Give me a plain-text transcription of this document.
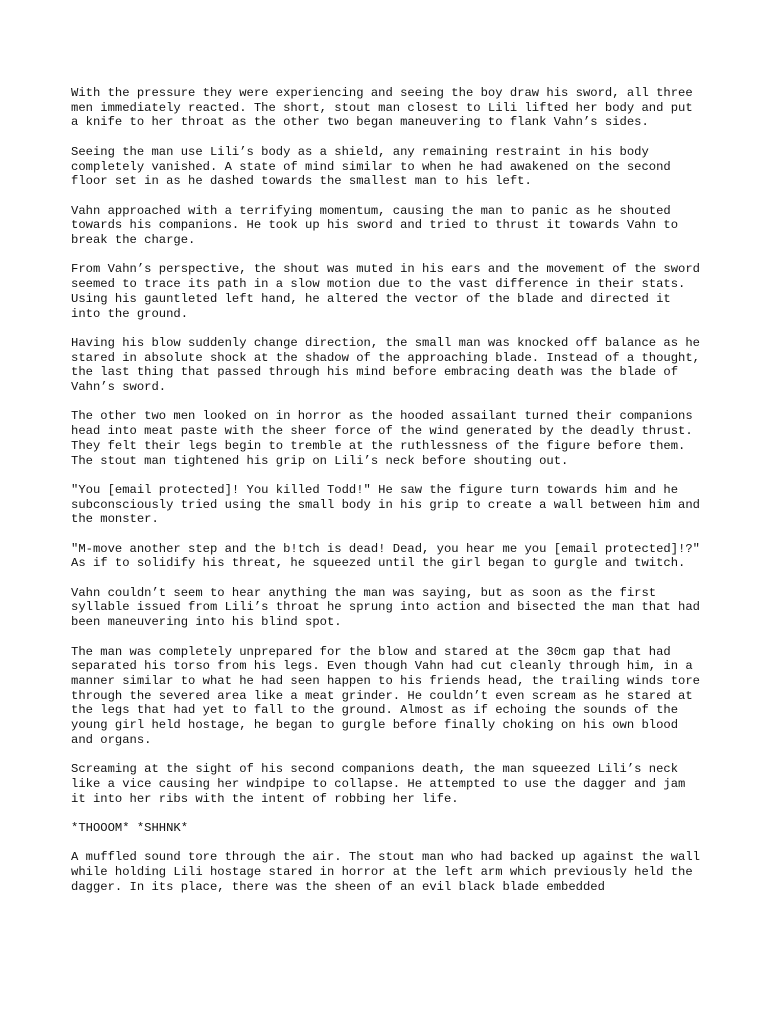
With the pressure they were experiencing and seeing the boy draw his sword, all three men immediately reacted. The short, stout man closest to Lili lifted her body and put a knife to her throat as the other two began maneuvering to flank Vahn’s sides.

Seeing the man use Lili’s body as a shield, any remaining restraint in his body completely vanished. A state of mind similar to when he had awakened on the second floor set in as he dashed towards the smallest man to his left.

Vahn approached with a terrifying momentum, causing the man to panic as he shouted towards his companions. He took up his sword and tried to thrust it towards Vahn to break the charge.

From Vahn’s perspective, the shout was muted in his ears and the movement of the sword seemed to trace its path in a slow motion due to the vast difference in their stats. Using his gauntleted left hand, he altered the vector of the blade and directed it into the ground.

Having his blow suddenly change direction, the small man was knocked off balance as he stared in absolute shock at the shadow of the approaching blade. Instead of a thought, the last thing that passed through his mind before embracing death was the blade of Vahn’s sword.

The other two men looked on in horror as the hooded assailant turned their companions head into meat paste with the sheer force of the wind generated by the deadly thrust. They felt their legs begin to tremble at the ruthlessness of the figure before them. The stout man tightened his grip on Lili’s neck before shouting out.

"You [email protected]! You killed Todd!" He saw the figure turn towards him and he subconsciously tried using the small body in his grip to create a wall between him and the monster.

"M-move another step and the b!tch is dead! Dead, you hear me you [email protected]!?" As if to solidify his threat, he squeezed until the girl began to gurgle and twitch.

Vahn couldn’t seem to hear anything the man was saying, but as soon as the first syllable issued from Lili’s throat he sprung into action and bisected the man that had been maneuvering into his blind spot.

The man was completely unprepared for the blow and stared at the 30cm gap that had separated his torso from his legs. Even though Vahn had cut cleanly through him, in a manner similar to what he had seen happen to his friends head, the trailing winds tore through the severed area like a meat grinder. He couldn’t even scream as he stared at the legs that had yet to fall to the ground. Almost as if echoing the sounds of the young girl held hostage, he began to gurgle before finally choking on his own blood and organs.

Screaming at the sight of his second companions death, the man squeezed Lili’s neck like a vice causing her windpipe to collapse. He attempted to use the dagger and jam it into her ribs with the intent of robbing her life.

*THOOOM* *SHHNK*

A muffled sound tore through the air. The stout man who had backed up against the wall while holding Lili hostage stared in horror at the left arm which previously held the dagger. In its place, there was the sheen of an evil black blade embedded
